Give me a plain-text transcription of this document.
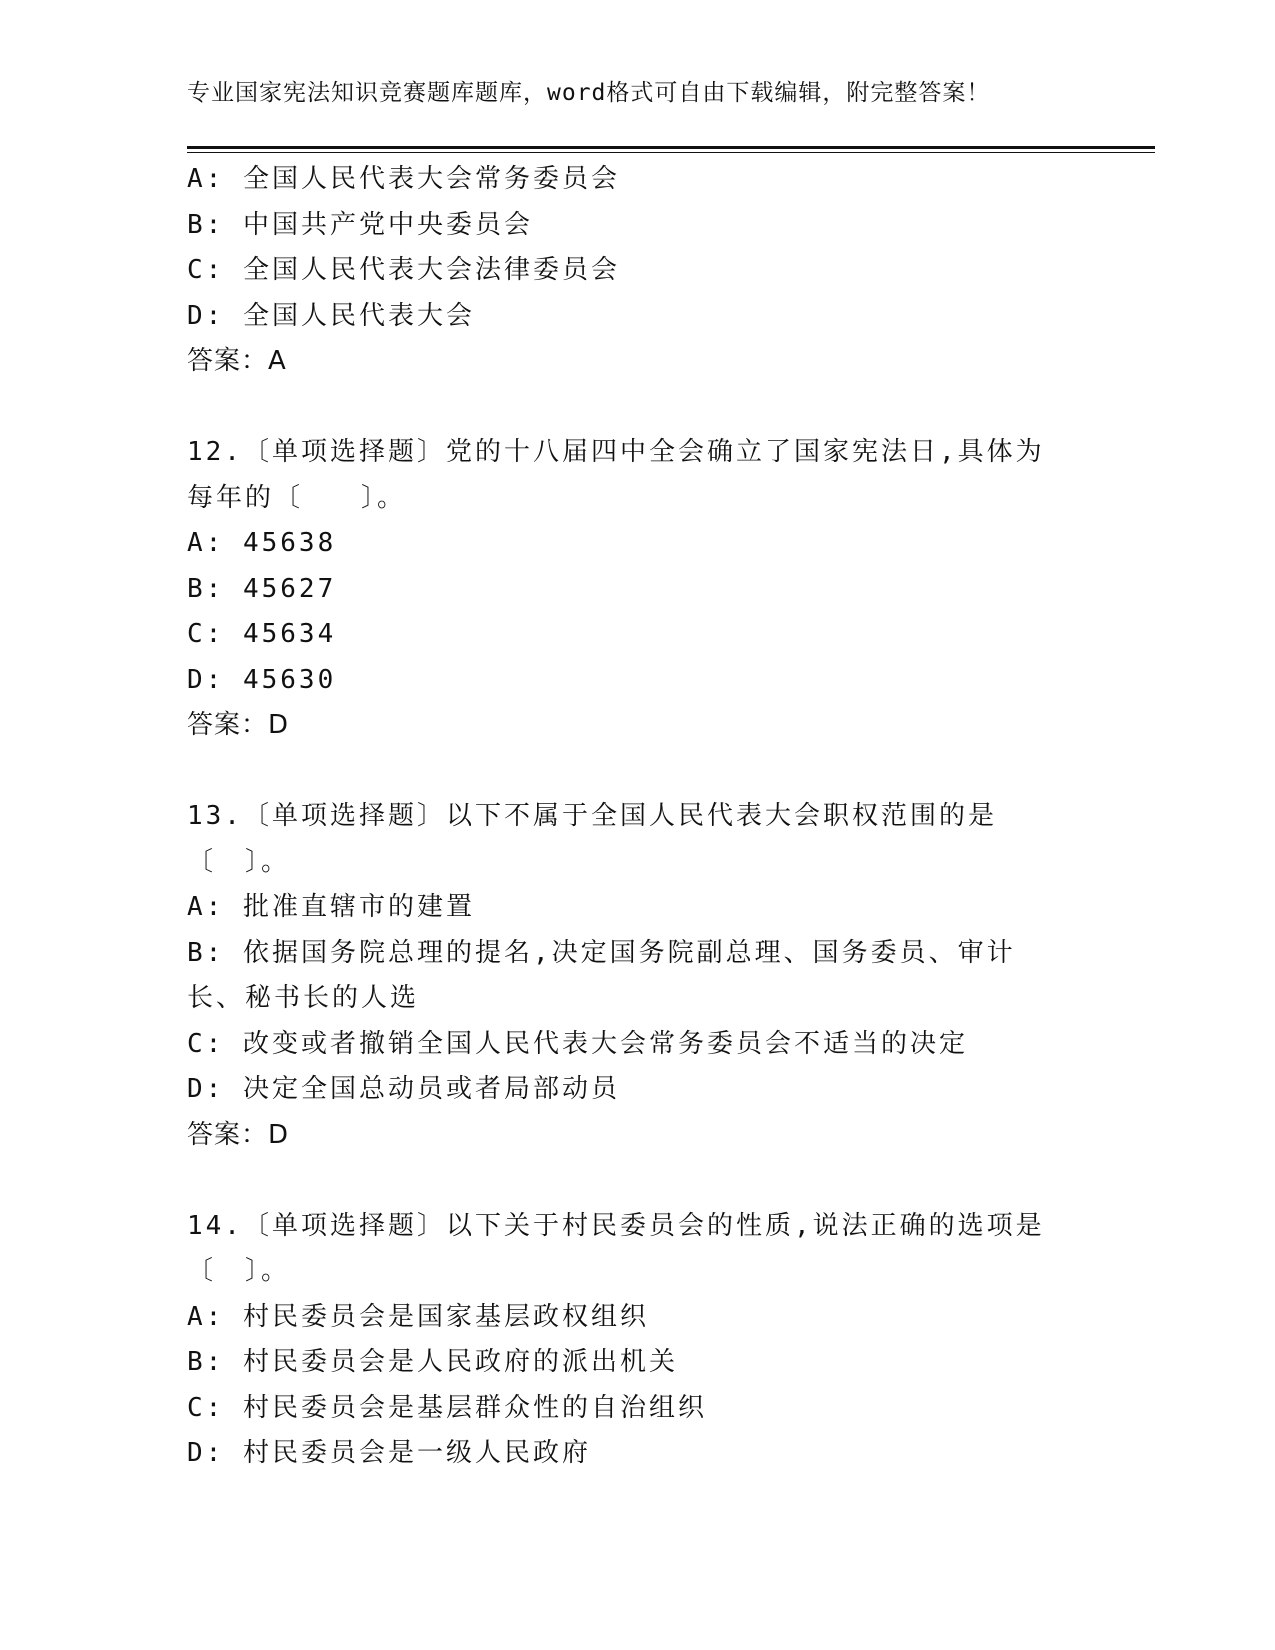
专业国家宪法知识竞赛题库题库，word格式可自由下载编辑，附完整答案！
A: 全国人民代表大会常务委员会
B: 中国共产党中央委员会
C: 全国人民代表大会法律委员会
D: 全国人民代表大会
答案：A
12.〔单项选择题〕党的十八届四中全会确立了国家宪法日,具体为每年的〔　　〕。
A: 45638
B: 45627
C: 45634
D: 45630
答案：D
13.〔单项选择题〕以下不属于全国人民代表大会职权范围的是〔　〕。
A: 批准直辖市的建置
B: 依据国务院总理的提名,决定国务院副总理、国务委员、审计长、秘书长的人选
C: 改变或者撤销全国人民代表大会常务委员会不适当的决定
D: 决定全国总动员或者局部动员
答案：D
14.〔单项选择题〕以下关于村民委员会的性质,说法正确的选项是〔　〕。
A: 村民委员会是国家基层政权组织
B: 村民委员会是人民政府的派出机关
C: 村民委员会是基层群众性的自治组织
D: 村民委员会是一级人民政府
